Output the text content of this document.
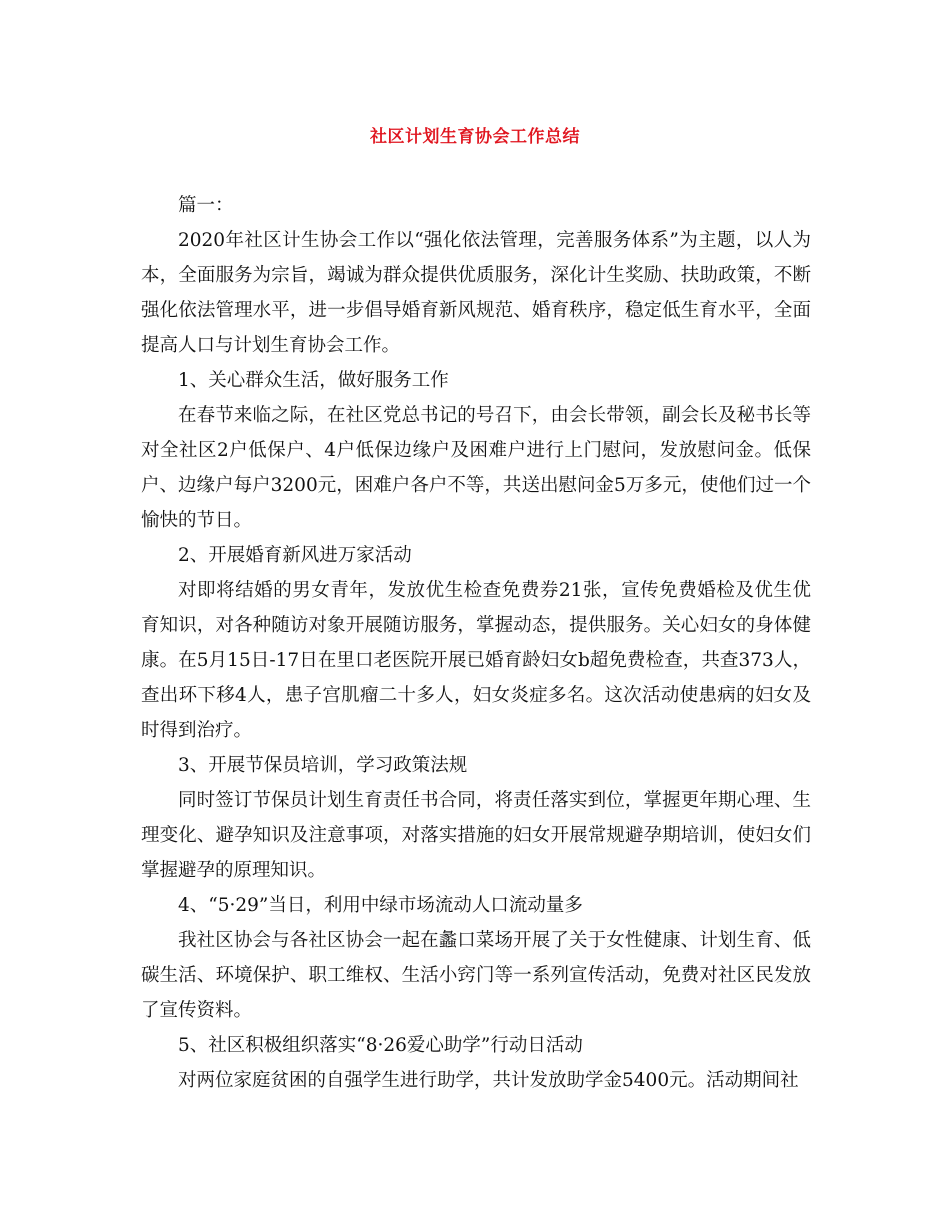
社区计划生育协会工作总结

篇一：

2020年社区计生协会工作以“强化依法管理，完善服务体系”为主题，以人为本，全面服务为宗旨，竭诚为群众提供优质服务，深化计生奖励、扶助政策，不断强化依法管理水平，进一步倡导婚育新风规范、婚育秩序，稳定低生育水平，全面提高人口与计划生育协会工作。

1、关心群众生活，做好服务工作

在春节来临之际，在社区党总书记的号召下，由会长带领，副会长及秘书长等对全社区2户低保户、4户低保边缘户及困难户进行上门慰问，发放慰问金。低保户、边缘户每户3200元，困难户各户不等，共送出慰问金5万多元，使他们过一个愉快的节日。

2、开展婚育新风进万家活动

对即将结婚的男女青年，发放优生检查免费券21张，宣传免费婚检及优生优育知识，对各种随访对象开展随访服务，掌握动态，提供服务。关心妇女的身体健康。在5月15日-17日在里口老医院开展已婚育龄妇女b超免费检查，共查373人，查出环下移4人，患子宫肌瘤二十多人，妇女炎症多名。这次活动使患病的妇女及时得到治疗。

3、开展节保员培训，学习政策法规

同时签订节保员计划生育责任书合同，将责任落实到位，掌握更年期心理、生理变化、避孕知识及注意事项，对落实措施的妇女开展常规避孕期培训，使妇女们掌握避孕的原理知识。

4、“5·29”当日，利用中绿市场流动人口流动量多

我社区协会与各社区协会一起在蠡口菜场开展了关于女性健康、计划生育、低碳生活、环境保护、职工维权、生活小窍门等一系列宣传活动，免费对社区民发放了宣传资料。

5、社区积极组织落实“8·26爱心助学”行动日活动

对两位家庭贫困的自强学生进行助学，共计发放助学金5400元。活动期间社
